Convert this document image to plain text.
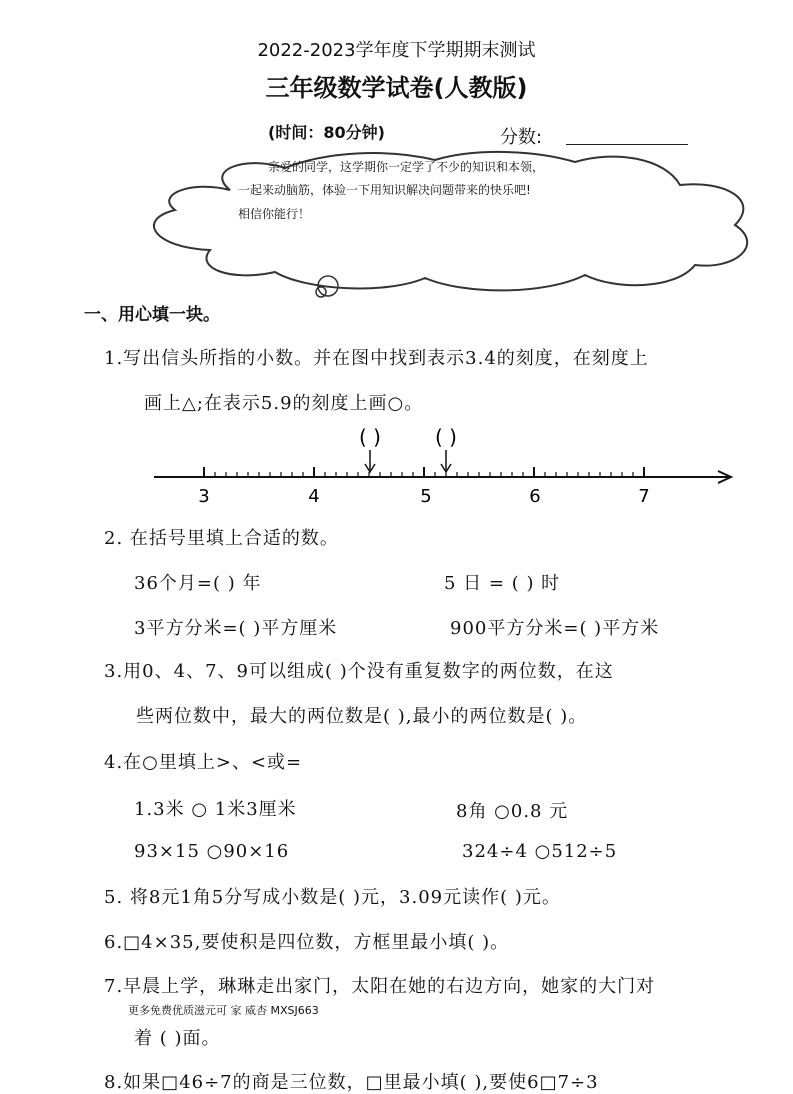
2022-2023学年度下学期期末测试
三年级数学试卷(人教版)
(时间：80分钟)	分数:
亲爱的同学，这学期你一定学了不少的知识和本领，
一起来动脑筋，体验一下用知识解决问题带来的快乐吧!
相信你能行！
一、用心填一块。
1.写出信头所指的小数。并在图中找到表示3.4的刻度，在刻度上
画上△;在表示5.9的刻度上画○。
3	4	5	6	7
( )	( )
2. 在括号里填上合适的数。
36个月=( ) 年	5 日 = ( ) 时
3平方分米=( )平方厘米	900平方分米=( )平方米
3.用0、4、7、9可以组成( )个没有重复数字的两位数，在这
些两位数中，最大的两位数是( ),最小的两位数是( )。
4.在○里填上>、<或=
1.3米 ○ 1米3厘米	8角 ○0.8 元
93×15 ○90×16	324÷4 ○512÷5
5. 将8元1角5分写成小数是( )元，3.09元读作( )元。
6.□4×35,要使积是四位数，方框里最小填( )。
7.早晨上学，琳琳走出家门，太阳在她的右边方向，她家的大门对
更多免费优质滋元可 家 威杏 MXSJ663
着 ( )面。
8.如果□46÷7的商是三位数，□里最小填( ),要使6□7÷3
